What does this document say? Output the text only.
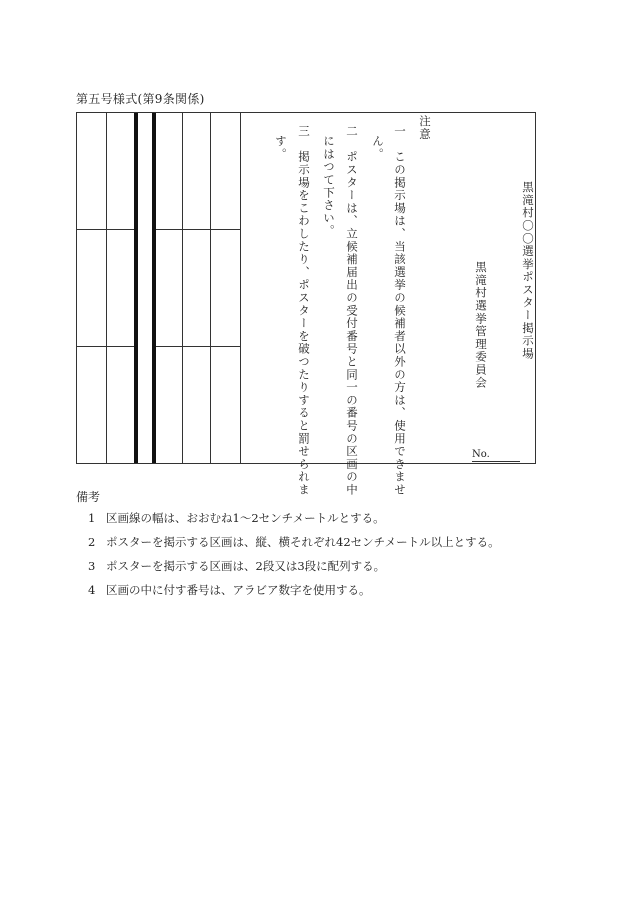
第五号様式(第9条関係)
黒滝村〇〇選挙ポスター掲示場
黒滝村選挙管理委員会
注意
一　この掲示場は、当該選挙の候補者以外の方は、使用できませ
ん。
二　ポスターは、立候補届出の受付番号と同一の番号の区画の中
にはつて下さい。
三　掲示場をこわしたり、ポスターを破つたりすると罰せられま
す。
No.
備考
1 区画線の幅は、おおむね1～2センチメートルとする。
2 ポスターを掲示する区画は、縦、横それぞれ42センチメートル以上とする。
3 ポスターを掲示する区画は、2段又は3段に配列する。
4 区画の中に付す番号は、アラビア数字を使用する。
